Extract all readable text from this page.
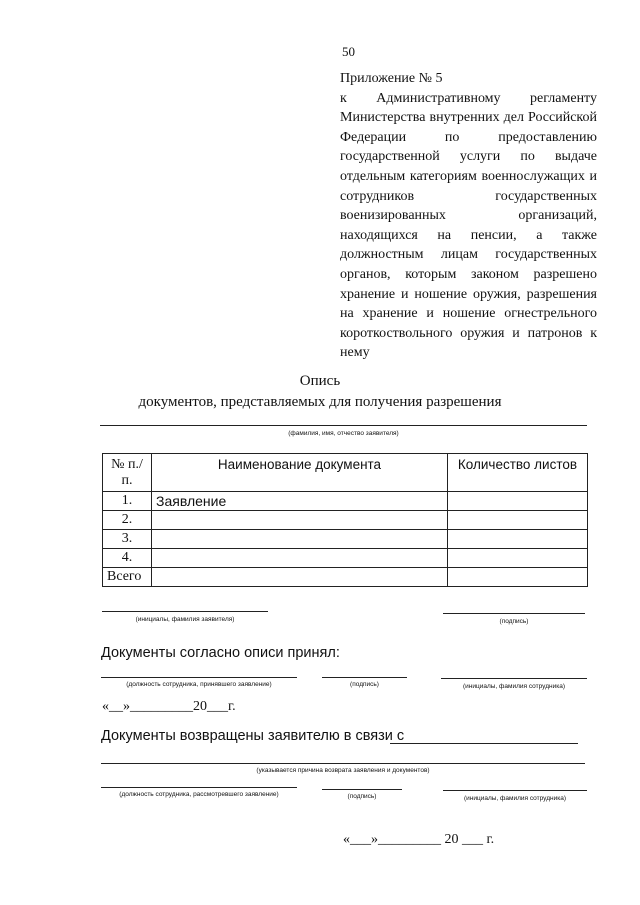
50
Приложение № 5
к Административному регламенту Министерства внутренних дел Российской Федерации по предоставлению государственной услуги по выдаче отдельным категориям военнослужащих и сотрудников государственных военизированных организаций, находящихся на пенсии, а также должностным лицам государственных органов, которым законом разрешено хранение и ношение оружия, разрешения на хранение и ношение огнестрельного короткоствольного оружия и патронов к нему
Опись
документов, представляемых для получения разрешения
(фамилия, имя, отчество заявителя)
№ п./п.	Наименование документа	Количество листов
1.	Заявление	
2.		
3.		
4.		
Всего		
(инициалы, фамилия заявителя)	(подпись)
Документы согласно описи принял:
(должность сотрудника, принявшего заявление)	(подпись)	(инициалы, фамилия сотрудника)
«__»_________20___г.
Документы возвращены заявителю в связи с
(указывается причина возврата заявления и документов)
(должность сотрудника, рассмотревшего заявление)	(подпись)	(инициалы, фамилия сотрудника)
«___»_________ 20 ___ г.
